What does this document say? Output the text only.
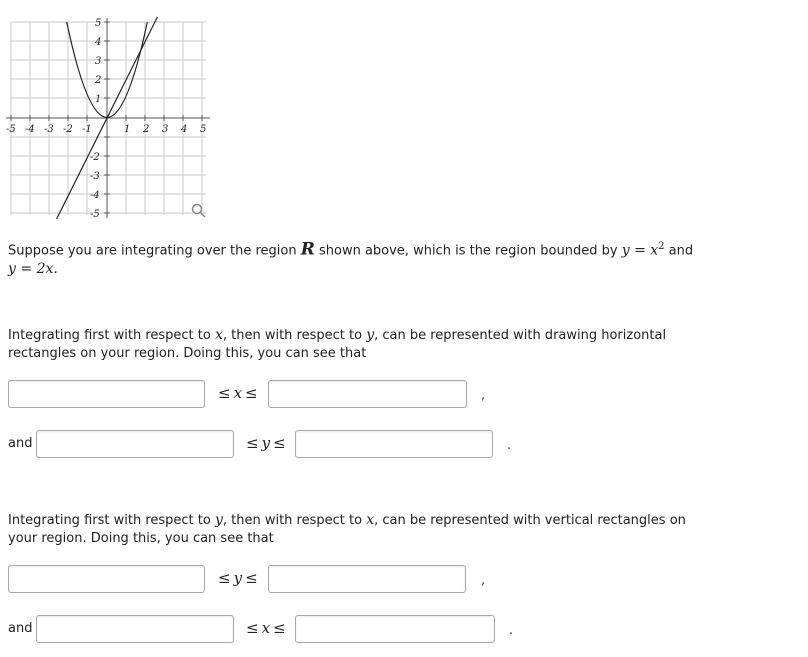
-5 -4 -3 -2 -1	1 2 3 4 5
1
2
3
4
5
-2
-3
-4
-5
Suppose you are integrating over the region R shown above, which is the region bounded by $y = x^2$ and
y = 2x.
Integrating first with respect to x, then with respect to y, can be represented with drawing horizontal rectangles on your region. Doing this, you can see that
≤ x ≤	,
and	≤ y ≤	.
Integrating first with respect to y, then with respect to x, can be represented with vertical rectangles on your region. Doing this, you can see that
≤ y ≤	,
and	≤ x ≤	.
